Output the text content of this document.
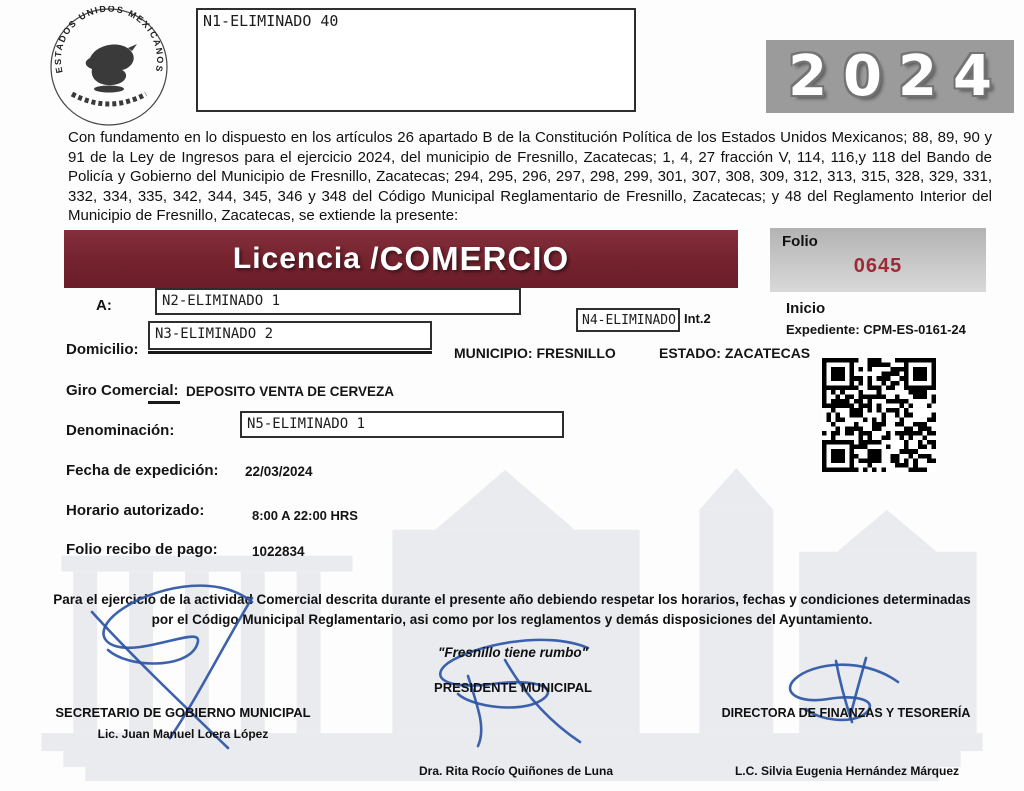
ESTADOS UNIDOS MEXICANOS
N1-ELIMINADO 40
2024

Con fundamento en lo dispuesto en los artículos 26 apartado B de la Constitución Política de los Estados Unidos Mexicanos; 88, 89, 90 y 91 de la Ley de Ingresos para el ejercicio 2024, del municipio de Fresnillo, Zacatecas; 1, 4, 27 fracción V, 114, 116,y 118 del Bando de Policía y Gobierno del Municipio de Fresnillo, Zacatecas; 294, 295, 296, 297, 298, 299, 301, 307, 308, 309, 312, 313, 315, 328, 329, 331, 332, 334, 335, 342, 344, 345, 346 y 348 del Código Municipal Reglamentario de Fresnillo, Zacatecas; y 48 del Reglamento Interior del Municipio de Fresnillo, Zacatecas, se extiende la presente:

Licencia / COMERCIO	Folio
0645
A:	N2-ELIMINADO 1
N4-ELIMINADO Int.2
Inicio
Expediente: CPM-ES-0161-24
Domicilio:
N3-ELIMINADO 2
MUNICIPIO: FRESNILLO	ESTADO: ZACATECAS
Giro Comercial: DEPOSITO VENTA DE CERVEZA
Denominación:	N5-ELIMINADO 1
Fecha de expedición: 22/03/2024
Horario autorizado:	8:00 A 22:00 HRS
Folio recibo de pago:	1022834

Para el ejercicio de la actividad Comercial descrita durante el presente año debiendo respetar los horarios, fechas y condiciones determinadas por el Código Municipal Reglamentario, asi como por los reglamentos y demás disposiciones del Ayuntamiento.

SECRETARIO DE GOBIERNO MUNICIPAL
Lic. Juan Manuel Loera López
"Fresnillo tiene rumbo"
PRESIDENTE MUNICIPAL
Dra. Rita Rocío Quiñones de Luna
DIRECTORA DE FINANZAS Y TESORERÍA
L.C. Silvia Eugenia Hernández Márquez
